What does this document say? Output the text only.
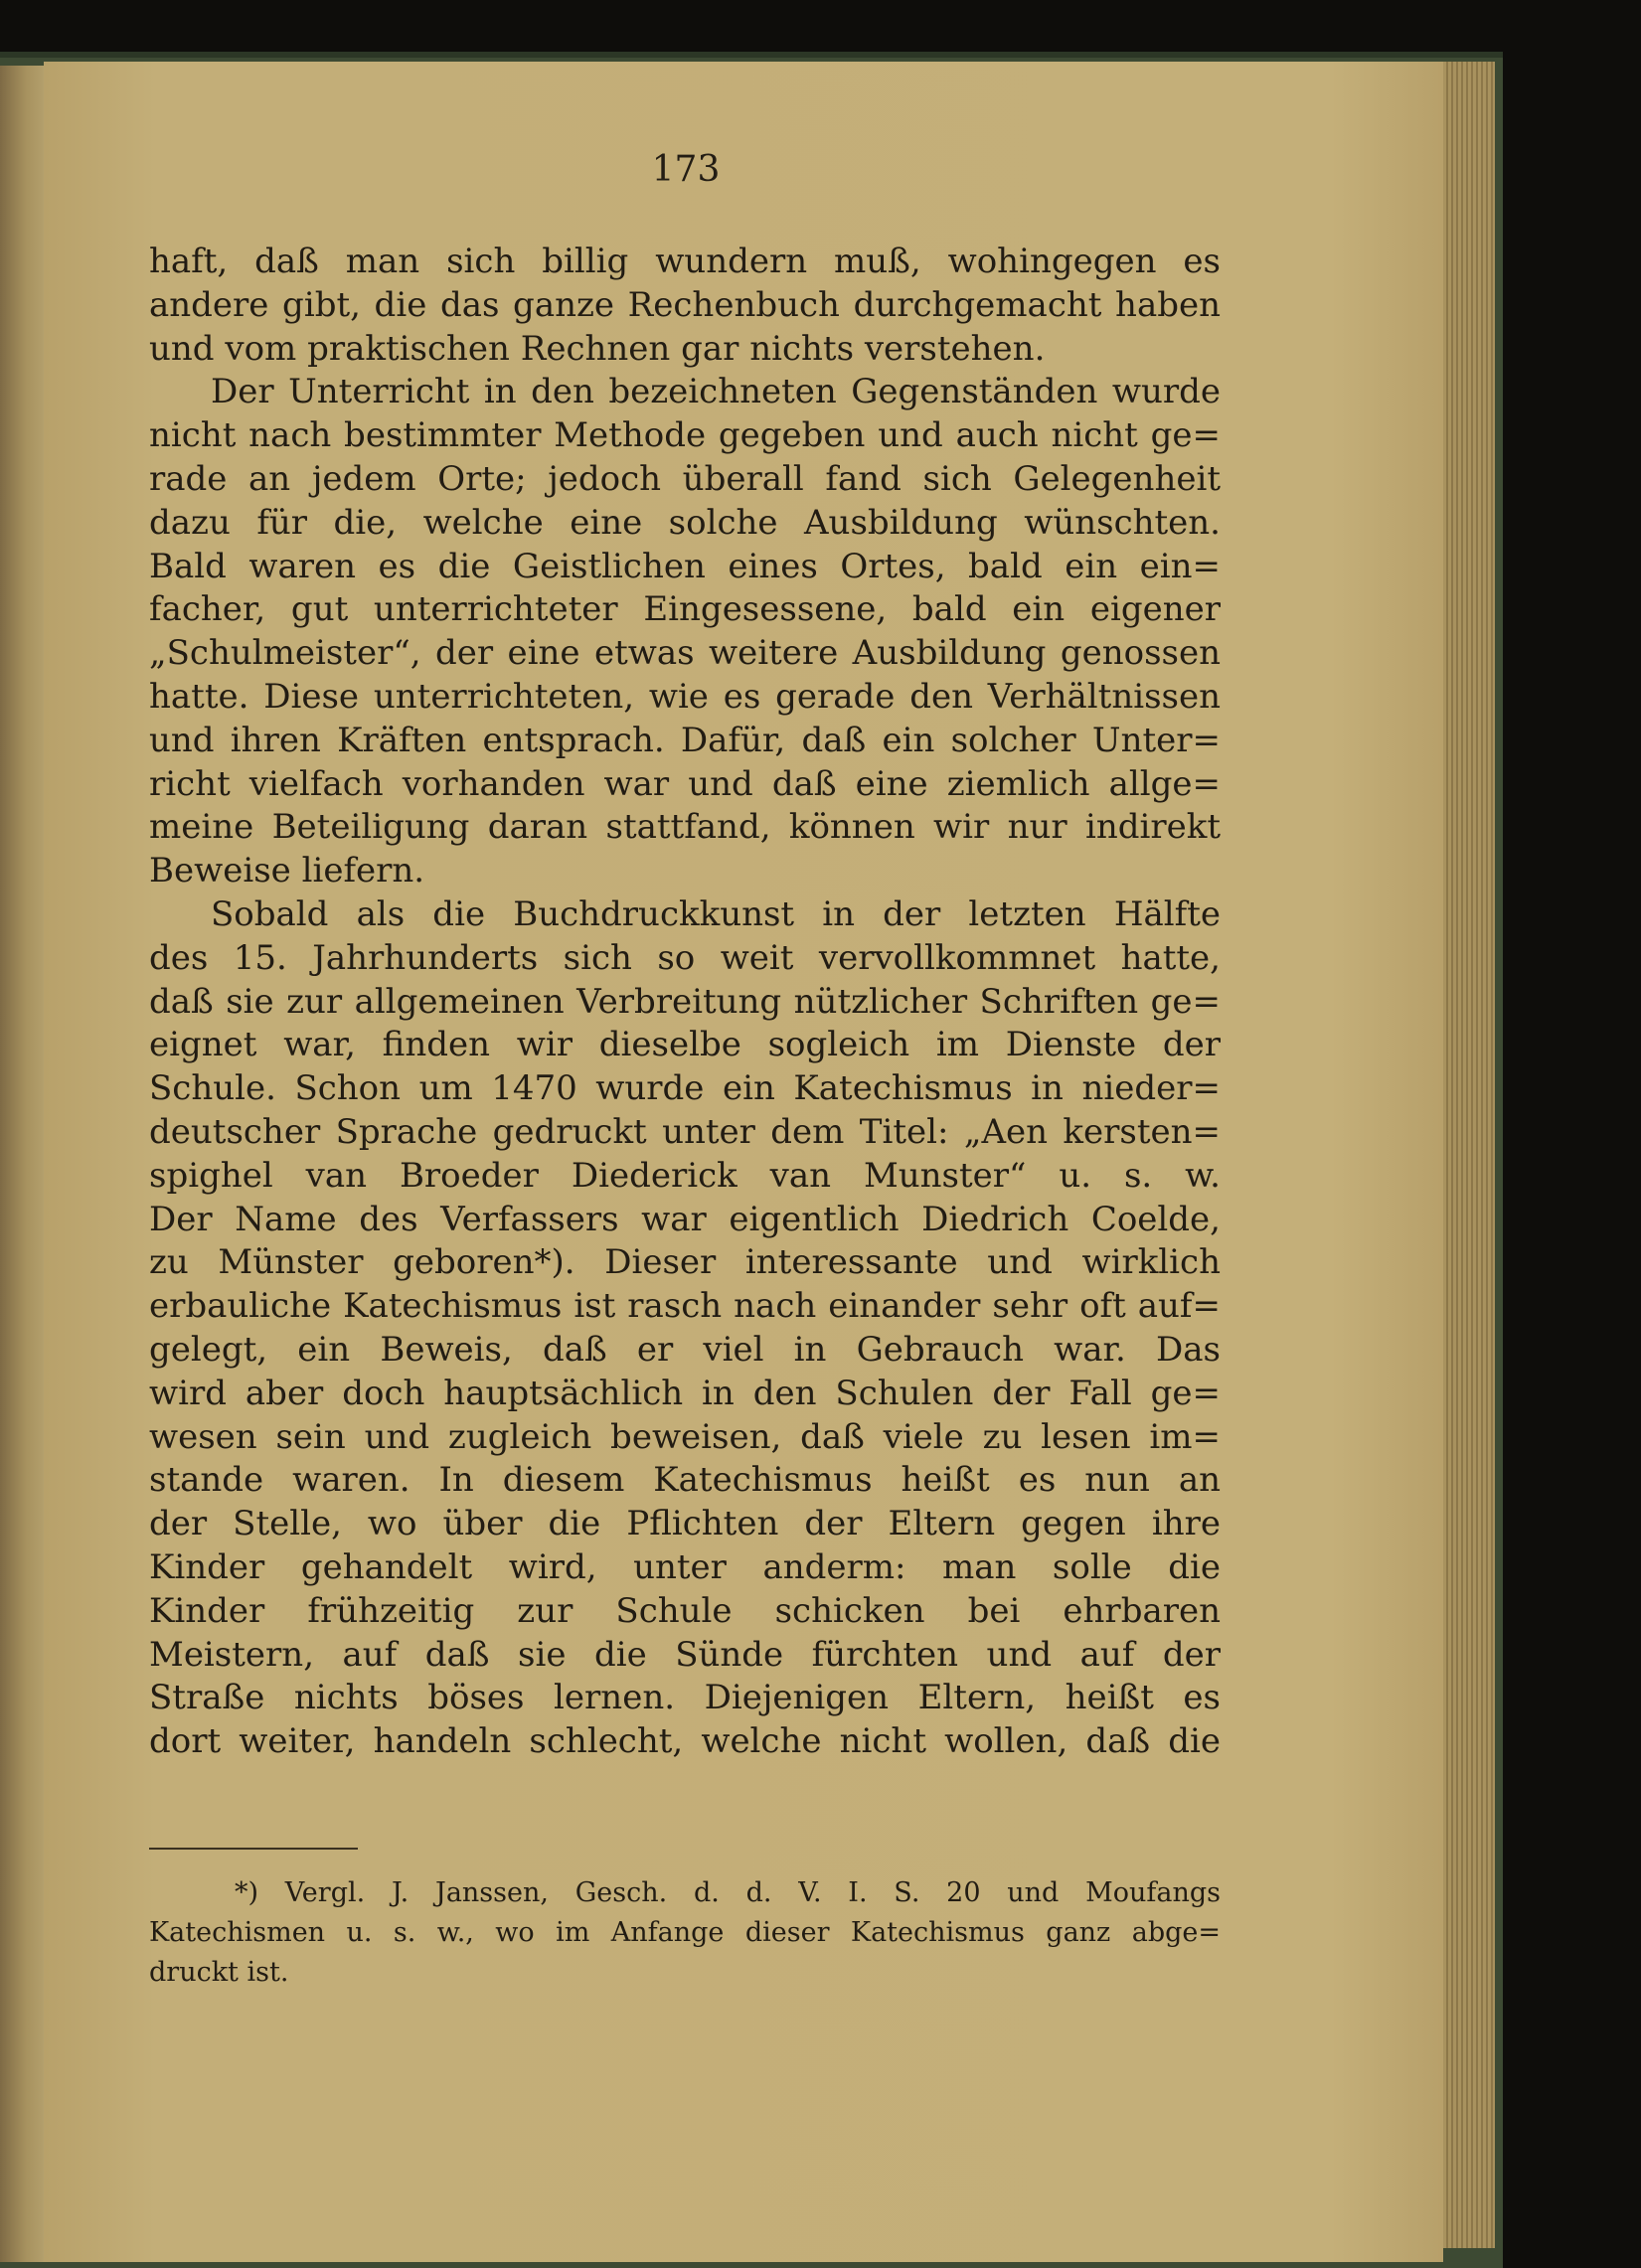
173
haft, daß man sich billig wundern muß, wohingegen es
andere gibt, die das ganze Rechenbuch durchgemacht haben
und vom praktischen Rechnen gar nichts verstehen.
Der Unterricht in den bezeichneten Gegenständen wurde
nicht nach bestimmter Methode gegeben und auch nicht ge=
rade an jedem Orte; jedoch überall fand sich Gelegenheit
dazu für die, welche eine solche Ausbildung wünschten.
Bald waren es die Geistlichen eines Ortes, bald ein ein=
facher, gut unterrichteter Eingesessene, bald ein eigener
„Schulmeister“, der eine etwas weitere Ausbildung genossen
hatte. Diese unterrichteten, wie es gerade den Verhältnissen
und ihren Kräften entsprach. Dafür, daß ein solcher Unter=
richt vielfach vorhanden war und daß eine ziemlich allge=
meine Beteiligung daran stattfand, können wir nur indirekt
Beweise liefern.
Sobald als die Buchdruckkunst in der letzten Hälfte
des 15. Jahrhunderts sich so weit vervollkommnet hatte,
daß sie zur allgemeinen Verbreitung nützlicher Schriften ge=
eignet war, finden wir dieselbe sogleich im Dienste der
Schule. Schon um 1470 wurde ein Katechismus in nieder=
deutscher Sprache gedruckt unter dem Titel: „Aen kersten=
spighel van Broeder Diederick van Munster“ u. s. w.
Der Name des Verfassers war eigentlich Diedrich Coelde,
zu Münster geboren*). Dieser interessante und wirklich
erbauliche Katechismus ist rasch nach einander sehr oft auf=
gelegt, ein Beweis, daß er viel in Gebrauch war. Das
wird aber doch hauptsächlich in den Schulen der Fall ge=
wesen sein und zugleich beweisen, daß viele zu lesen im=
stande waren. In diesem Katechismus heißt es nun an
der Stelle, wo über die Pflichten der Eltern gegen ihre
Kinder gehandelt wird, unter anderm: man solle die
Kinder frühzeitig zur Schule schicken bei ehrbaren
Meistern, auf daß sie die Sünde fürchten und auf der
Straße nichts böses lernen. Diejenigen Eltern, heißt es
dort weiter, handeln schlecht, welche nicht wollen, daß die
*) Vergl. J. Janssen, Gesch. d. d. V. I. S. 20 und Moufangs
Katechismen u. s. w., wo im Anfange dieser Katechismus ganz abge=
druckt ist.
